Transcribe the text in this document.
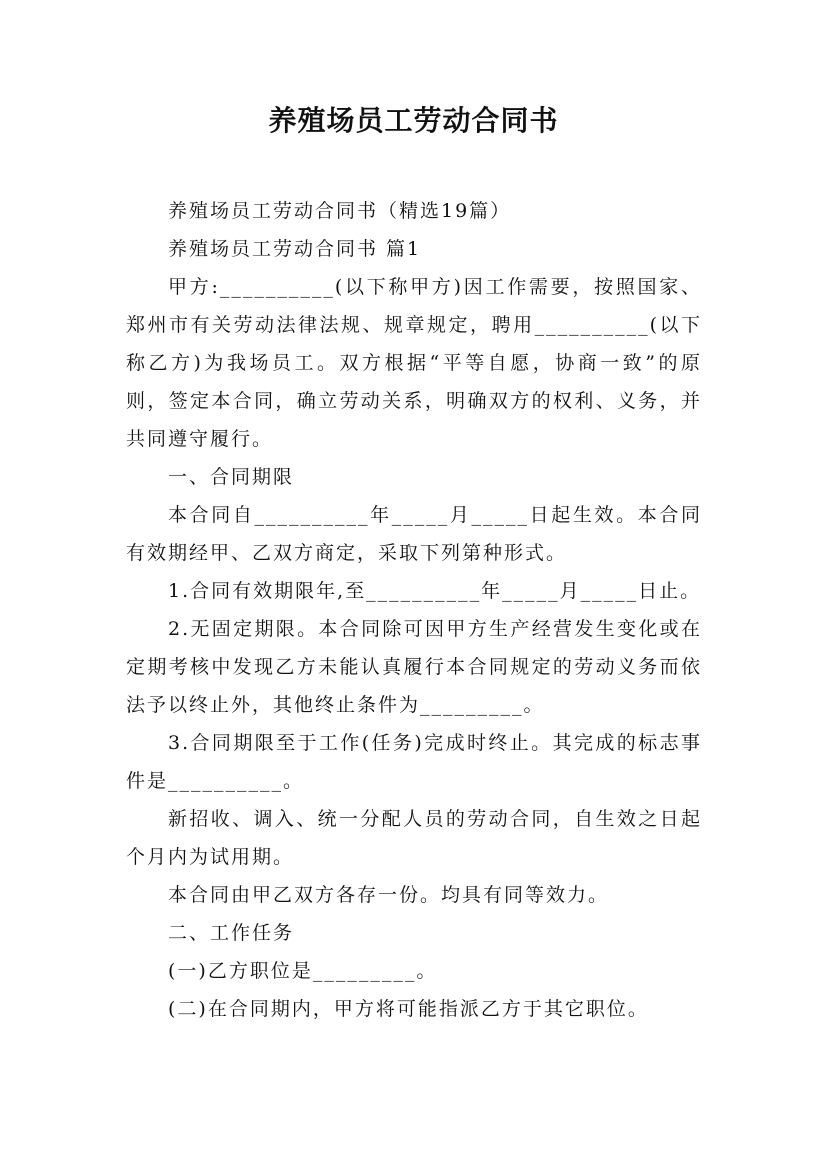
养殖场员工劳动合同书

养殖场员工劳动合同书（精选19篇）

养殖场员工劳动合同书 篇1

甲方:__________(以下称甲方)因工作需要，按照国家、郑州市有关劳动法律法规、规章规定，聘用__________(以下称乙方)为我场员工。双方根据“平等自愿，协商一致”的原则，签定本合同，确立劳动关系，明确双方的权利、义务，并共同遵守履行。

一、合同期限

本合同自__________年_____月_____日起生效。本合同有效期经甲、乙双方商定，采取下列第种形式。

1.合同有效期限年,至__________年_____月_____日止。

2.无固定期限。本合同除可因甲方生产经营发生变化或在定期考核中发现乙方未能认真履行本合同规定的劳动义务而依法予以终止外，其他终止条件为_________。

3.合同期限至于工作(任务)完成时终止。其完成的标志事件是__________。

新招收、调入、统一分配人员的劳动合同，自生效之日起个月内为试用期。

本合同由甲乙双方各存一份。均具有同等效力。

二、工作任务

(一)乙方职位是_________。

(二)在合同期内，甲方将可能指派乙方于其它职位。
